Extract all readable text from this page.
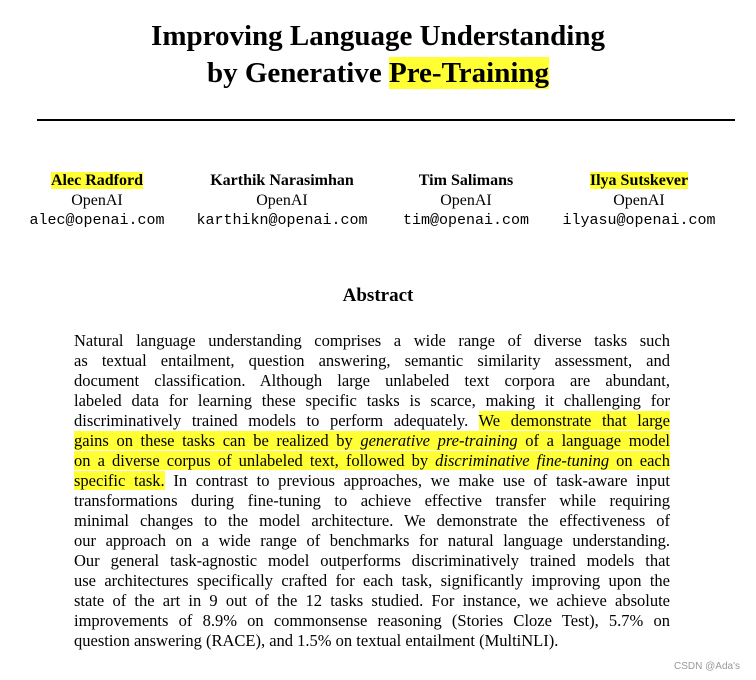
Improving Language Understanding
by Generative Pre-Training
Alec Radford
OpenAI
alec@openai.com
Karthik Narasimhan
OpenAI
karthikn@openai.com
Tim Salimans
OpenAI
tim@openai.com
Ilya Sutskever
OpenAI
ilyasu@openai.com
Abstract
Natural language understanding comprises a wide range of diverse tasks such
as textual entailment, question answering, semantic similarity assessment, and
document classification. Although large unlabeled text corpora are abundant,
labeled data for learning these specific tasks is scarce, making it challenging for
discriminatively trained models to perform adequately. We demonstrate that large
gains on these tasks can be realized by generative pre-training of a language model
on a diverse corpus of unlabeled text, followed by discriminative fine-tuning on each
specific task. In contrast to previous approaches, we make use of task-aware input
transformations during fine-tuning to achieve effective transfer while requiring
minimal changes to the model architecture. We demonstrate the effectiveness of
our approach on a wide range of benchmarks for natural language understanding.
Our general task-agnostic model outperforms discriminatively trained models that
use architectures specifically crafted for each task, significantly improving upon the
state of the art in 9 out of the 12 tasks studied. For instance, we achieve absolute
improvements of 8.9% on commonsense reasoning (Stories Cloze Test), 5.7% on
question answering (RACE), and 1.5% on textual entailment (MultiNLI).
CSDN @Ada's
